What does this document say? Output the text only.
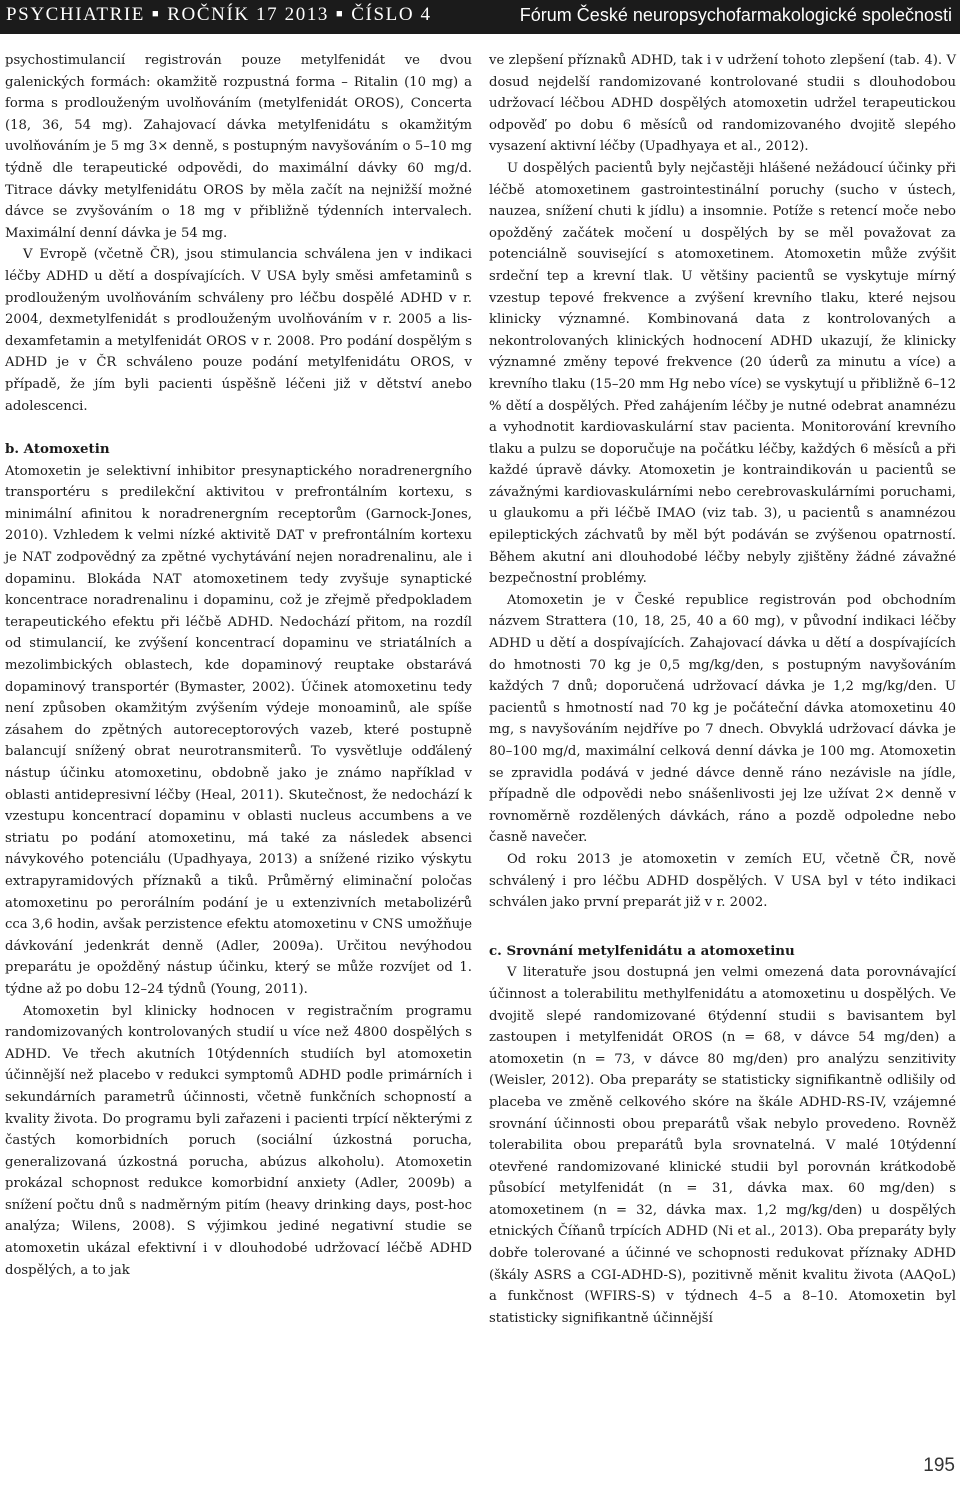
PSYCHIATRIE ■ ROČNÍK 17 2013 ■ ČÍSLO 4	Fórum České neuropsychofarmakologické společnosti

psychostimulancií registrován pouze metylfenidát ve dvou galenických formách: okamžitě rozpustná forma – Ritalin (10 mg) a forma s prodlouženým uvolňováním (metylfenidát OROS), Concerta (18, 36, 54 mg). Zahajovací dávka metylfenidátu s okamžitým uvolňováním je 5 mg 3× denně, s postupným navyšováním o 5–10 mg týdně dle terapeutické odpovědi, do maximální dávky 60 mg/d. Titrace dávky metylfenidátu OROS by měla začít na nejnižší možné dávce se zvyšováním o 18 mg v přibližně týdenních intervalech. Maximální denní dávka je 54 mg.

V Evropě (včetně ČR), jsou stimulancia schválena jen v indikaci léčby ADHD u dětí a dospívajících. V USA byly směsi amfetaminů s prodlouženým uvolňováním schváleny pro léčbu dospělé ADHD v r. 2004, dexmetylfenidát s prodlouženým uvolňováním v r. 2005 a lis-dexamfetamin a metylfenidát OROS v r. 2008. Pro podání dospělým s ADHD je v ČR schváleno pouze podání metylfenidátu OROS, v případě, že jím byli pacienti úspěšně léčeni již v dětství anebo adolescenci.

b. Atomoxetin

Atomoxetin je selektivní inhibitor presynaptického noradrenergního transportéru s predilekční aktivitou v prefrontálním kortexu, s minimální afinitou k noradrenergním receptorům (Garnock-Jones, 2010). Vzhledem k velmi nízké aktivitě DAT v prefrontálním kortexu je NAT zodpovědný za zpětné vychytávání nejen noradrenalinu, ale i dopaminu. Blokáda NAT atomoxetinem tedy zvyšuje synaptické koncentrace noradrenalinu i dopaminu, což je zřejmě předpokladem terapeutického efektu při léčbě ADHD. Nedochází přitom, na rozdíl od stimulancií, ke zvýšení koncentrací dopaminu ve striatálních a mezolimbických oblastech, kde dopaminový reuptake obstarává dopaminový transportér (Bymaster, 2002). Účinek atomoxetinu tedy není způsoben okamžitým zvýšením výdeje monoaminů, ale spíše zásahem do zpětných autoreceptorových vazeb, které postupně balancují snížený obrat neurotransmiterů. To vysvětluje odďálený nástup účinku atomoxetinu, obdobně jako je známo například v oblasti antidepresivní léčby (Heal, 2011). Skutečnost, že nedochází k vzestupu koncentrací dopaminu v oblasti nucleus accumbens a ve striatu po podání atomoxetinu, má také za následek absenci návykového potenciálu (Upadhyaya, 2013) a snížené riziko výskytu extrapyramidových příznaků a tiků. Průměrný eliminační poločas atomoxetinu po perorálním podání je u extenzivních metabolizérů cca 3,6 hodin, avšak perzistence efektu atomoxetinu v CNS umožňuje dávkování jedenkrát denně (Adler, 2009a). Určitou nevýhodou preparátu je opožděný nástup účinku, který se může rozvíjet od 1. týdne až po dobu 12–24 týdnů (Young, 2011).

Atomoxetin byl klinicky hodnocen v registračním programu randomizovaných kontrolovaných studií u více než 4800 dospělých s ADHD. Ve třech akutních 10týdenních studiích byl atomoxetin účinnější než placebo v redukci symptomů ADHD podle primárních i sekundárních parametrů účinnosti, včetně funkčních schopností a kvality života. Do programu byli zařazeni i pacienti trpící některými z častých komorbidních poruch (sociální úzkostná porucha, generalizovaná úzkostná porucha, abúzus alkoholu). Atomoxetin prokázal schopnost redukce komorbidní anxiety (Adler, 2009b) a snížení počtu dnů s nadměrným pitím (heavy drinking days, post-hoc analýza; Wilens, 2008). S výjimkou jediné negativní studie se atomoxetin ukázal efektivní i v dlouhodobé udržovací léčbě ADHD dospělých, a to jak

ve zlepšení příznaků ADHD, tak i v udržení tohoto zlepšení (tab. 4). V dosud nejdelší randomizované kontrolované studii s dlouhodobou udržovací léčbou ADHD dospělých atomoxetin udržel terapeutickou odpověď po dobu 6 měsíců od randomizovaného dvojitě slepého vysazení aktivní léčby (Upadhyaya et al., 2012).

U dospělých pacientů byly nejčastěji hlášené nežádoucí účinky při léčbě atomoxetinem gastrointestinální poruchy (sucho v ústech, nauzea, snížení chuti k jídlu) a insomnie. Potíže s retencí moče nebo opožděný začátek močení u dospělých by se měl považovat za potenciálně související s atomoxetinem. Atomoxetin může zvýšit srdeční tep a krevní tlak. U většiny pacientů se vyskytuje mírný vzestup tepové frekvence a zvýšení krevního tlaku, které nejsou klinicky významné. Kombinovaná data z kontrolovaných a nekontrolovaných klinických hodnocení ADHD ukazují, že klinicky významné změny tepové frekvence (20 úderů za minutu a více) a krevního tlaku (15–20 mm Hg nebo více) se vyskytují u přibližně 6–12 % dětí a dospělých. Před zahájením léčby je nutné odebrat anamnézu a vyhodnotit kardiovaskulární stav pacienta. Monitorování krevního tlaku a pulzu se doporučuje na počátku léčby, každých 6 měsíců a při každé úpravě dávky. Atomoxetin je kontraindikován u pacientů se závažnými kardiovaskulárními nebo cerebrovaskulárními poruchami, u glaukomu a při léčbě IMAO (viz tab. 3), u pacientů s anamnézou epileptických záchvatů by měl být podáván se zvýšenou opatrností. Během akutní ani dlouhodobé léčby nebyly zjištěny žádné závažné bezpečnostní problémy.

Atomoxetin je v České republice registrován pod obchodním názvem Strattera (10, 18, 25, 40 a 60 mg), v původní indikaci léčby ADHD u dětí a dospívajících. Zahajovací dávka u dětí a dospívajících do hmotnosti 70 kg je 0,5 mg/kg/den, s postupným navyšováním každých 7 dnů; doporučená udržovací dávka je 1,2 mg/kg/den. U pacientů s hmotností nad 70 kg je počáteční dávka atomoxetinu 40 mg, s navyšováním nejdříve po 7 dnech. Obvyklá udržovací dávka je 80–100 mg/d, maximální celková denní dávka je 100 mg. Atomoxetin se zpravidla podává v jedné dávce denně ráno nezávisle na jídle, případně dle odpovědi nebo snášenlivosti jej lze užívat 2× denně v rovnoměrně rozdělených dávkách, ráno a pozdě odpoledne nebo časně navečer.

Od roku 2013 je atomoxetin v zemích EU, včetně ČR, nově schválený i pro léčbu ADHD dospělých. V USA byl v této indikaci schválen jako první preparát již v r. 2002.

c. Srovnání metylfenidátu a atomoxetinu

V literatuře jsou dostupná jen velmi omezená data porovnávající účinnost a tolerabilitu methylfenidátu a atomoxetinu u dospělých. Ve dvojitě slepé randomizované 6týdenní studii s bavisantem byl zastoupen i metylfenidát OROS (n = 68, v dávce 54 mg/den) a atomoxetin (n = 73, v dávce 80 mg/den) pro analýzu senzitivity (Weisler, 2012). Oba preparáty se statisticky signifikantně odlišily od placeba ve změně celkového skóre na škále ADHD-RS-IV, vzájemné srovnání účinnosti obou preparátů však nebylo provedeno. Rovněž tolerabilita obou preparátů byla srovnatelná. V malé 10týdenní otevřené randomizované klinické studii byl porovnán krátkodobě působící metylfenidát (n = 31, dávka max. 60 mg/den) s atomoxetinem (n = 32, dávka max. 1,2 mg/kg/den) u dospělých etnických Číňanů trpících ADHD (Ni et al., 2013). Oba preparáty byly dobře tolerované a účinné ve schopnosti redukovat příznaky ADHD (škály ASRS a CGI-ADHD-S), pozitivně měnit kvalitu života (AAQoL) a funkčnost (WFIRS-S) v týdnech 4–5 a 8–10. Atomoxetin byl statisticky signifikantně účinnější

195
